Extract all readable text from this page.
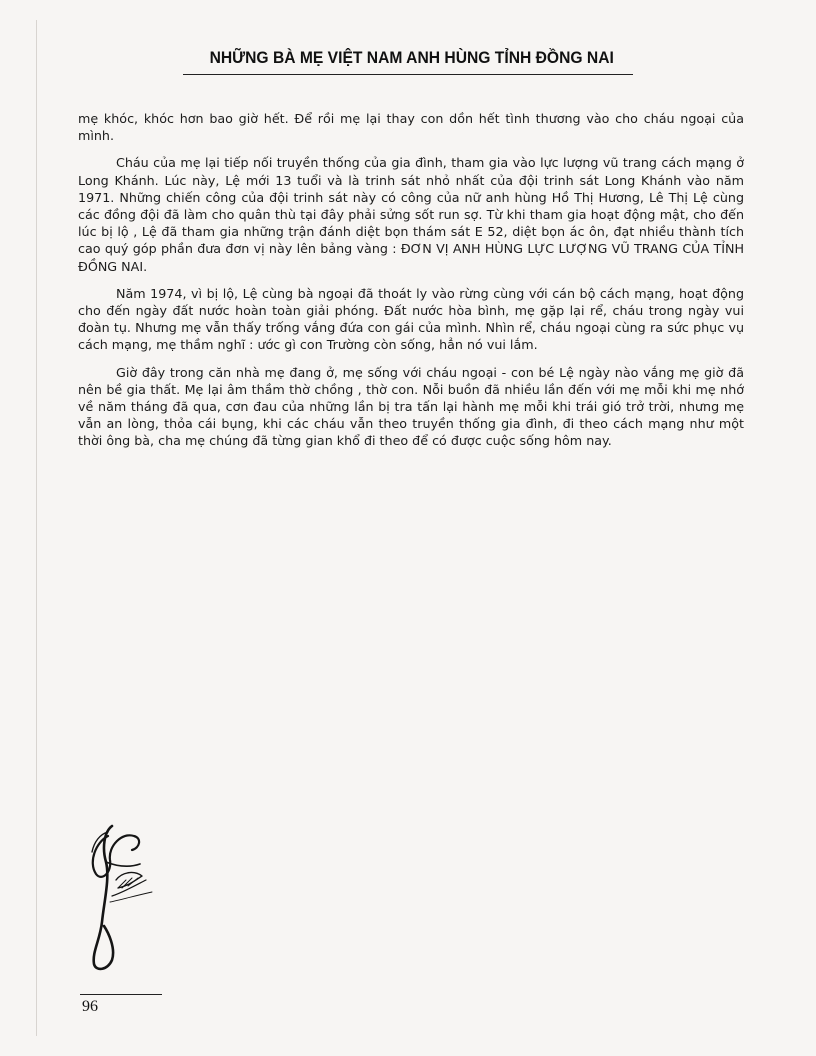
NHỮNG BÀ MẸ VIỆT NAM ANH HÙNG TỈNH ĐỒNG NAI

mẹ khóc, khóc hơn bao giờ hết. Để rồi mẹ lại thay con dồn hết tình thương vào cho cháu ngoại của mình.

Cháu của mẹ lại tiếp nối truyền thống của gia đình, tham gia vào lực lượng vũ trang cách mạng ở Long Khánh. Lúc này, Lệ mới 13 tuổi và là trinh sát nhỏ nhất của đội trinh sát Long Khánh vào năm 1971. Những chiến công của đội trinh sát này có công của nữ anh hùng Hồ Thị Hương, Lê Thị Lệ cùng các đồng đội đã làm cho quân thù tại đây phải sửng sốt run sợ. Từ khi tham gia hoạt động mật, cho đến lúc bị lộ , Lệ đã tham gia những trận đánh diệt bọn thám sát E 52, diệt bọn ác ôn, đạt nhiều thành tích cao quý góp phần đưa đơn vị này lên bảng vàng : ĐƠN VỊ ANH HÙNG LỰC LƯỢNG VŨ TRANG CỦA TỈNH ĐỒNG NAI.

Năm 1974, vì bị lộ, Lệ cùng bà ngoại đã thoát ly vào rừng cùng với cán bộ cách mạng, hoạt động cho đến ngày đất nước hoàn toàn giải phóng. Đất nước hòa bình, mẹ gặp lại rể, cháu trong ngày vui đoàn tụ. Nhưng mẹ vẫn thấy trống vắng đứa con gái của mình. Nhìn rể, cháu ngoại cùng ra sức phục vụ cách mạng, mẹ thầm nghĩ : ước gì con Trường còn sống, hẳn nó vui lắm.

Giờ đây trong căn nhà mẹ đang ở, mẹ sống với cháu ngoại - con bé Lệ ngày nào vắng mẹ giờ đã nên bề gia thất. Mẹ lại âm thầm thờ chồng , thờ con. Nỗi buồn đã nhiều lần đến với mẹ mỗi khi mẹ nhớ về năm tháng đã qua, cơn đau của những lần bị tra tấn lại hành mẹ mỗi khi trái gió trở trời, nhưng mẹ vẫn an lòng, thỏa cái bụng, khi các cháu vẫn theo truyền thống gia đình, đi theo cách mạng như một thời ông bà, cha mẹ chúng đã từng gian khổ đi theo để có được cuộc sống hôm nay.

96
